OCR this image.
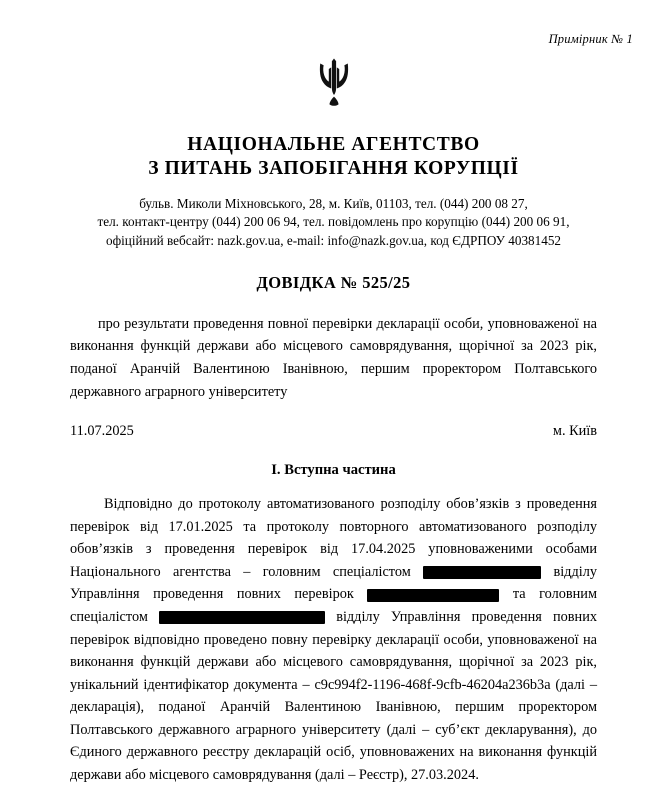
Примірник № 1
НАЦІОНАЛЬНЕ АГЕНТСТВО
З ПИТАНЬ ЗАПОБІГАННЯ КОРУПЦІЇ
бульв. Миколи Міхновського, 28, м. Київ, 01103, тел. (044) 200 08 27,
тел. контакт-центру (044) 200 06 94, тел. повідомлень про корупцію (044) 200 06 91,
офіційний вебсайт: nazk.gov.ua, e-mail: info@nazk.gov.ua, код ЄДРПОУ 40381452
ДОВІДКА № 525/25
про результати проведення повної перевірки декларації особи, уповноваженої на виконання функцій держави або місцевого самоврядування, щорічної за 2023 рік, поданої Аранчій Валентиною Іванівною, першим проректором Полтавського державного аграрного університету
11.07.2025	м. Київ
I. Вступна частина
Відповідно до протоколу автоматизованого розподілу обов’язків з проведення перевірок від 17.01.2025 та протоколу повторного автоматизованого розподілу обов’язків з проведення перевірок від 17.04.2025 уповноваженими особами Національного агентства – головним спеціалістом	відділу Управління проведення повних перевірок	та головним спеціалістом	відділу Управління проведення повних перевірок відповідно проведено повну перевірку декларації особи, уповноваженої на виконання функцій держави або місцевого самоврядування, щорічної за 2023 рік, унікальний ідентифікатор документа – c9c994f2-1196-468f-9cfb-46204a236b3a (далі – декларація), поданої Аранчій Валентиною Іванівною, першим проректором Полтавського державного аграрного університету (далі – суб’єкт декларування), до Єдиного державного реєстру декларацій осіб, уповноважених на виконання функцій держави або місцевого самоврядування (далі – Реєстр), 27.03.2024.
